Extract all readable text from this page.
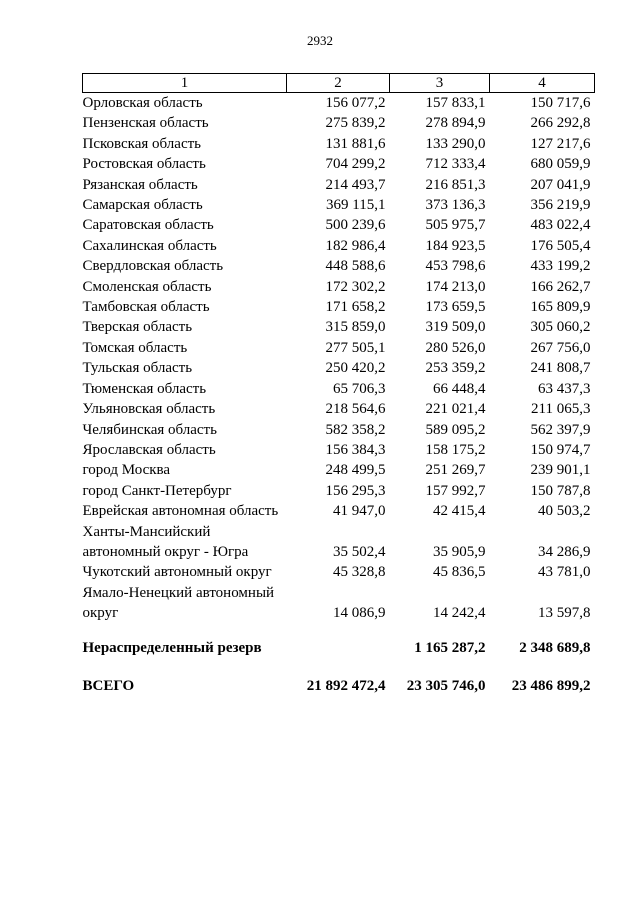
2932
1	2	3	4
Орловская область	156 077,2	157 833,1	150 717,6
Пензенская область	275 839,2	278 894,9	266 292,8
Псковская область	131 881,6	133 290,0	127 217,6
Ростовская область	704 299,2	712 333,4	680 059,9
Рязанская область	214 493,7	216 851,3	207 041,9
Самарская область	369 115,1	373 136,3	356 219,9
Саратовская область	500 239,6	505 975,7	483 022,4
Сахалинская область	182 986,4	184 923,5	176 505,4
Свердловская область	448 588,6	453 798,6	433 199,2
Смоленская область	172 302,2	174 213,0	166 262,7
Тамбовская область	171 658,2	173 659,5	165 809,9
Тверская область	315 859,0	319 509,0	305 060,2
Томская область	277 505,1	280 526,0	267 756,0
Тульская область	250 420,2	253 359,2	241 808,7
Тюменская область	65 706,3	66 448,4	63 437,3
Ульяновская область	218 564,6	221 021,4	211 065,3
Челябинская область	582 358,2	589 095,2	562 397,9
Ярославская область	156 384,3	158 175,2	150 974,7
город Москва	248 499,5	251 269,7	239 901,1
город Санкт-Петербург	156 295,3	157 992,7	150 787,8
Еврейская автономная область	41 947,0	42 415,4	40 503,2
Ханты-Мансийский автономный округ - Югра	35 502,4	35 905,9	34 286,9
Чукотский автономный округ	45 328,8	45 836,5	43 781,0
Ямало-Ненецкий автономный округ	14 086,9	14 242,4	13 597,8

Нераспределенный резерв		1 165 287,2	2 348 689,8

ВСЕГО	21 892 472,4	23 305 746,0	23 486 899,2
